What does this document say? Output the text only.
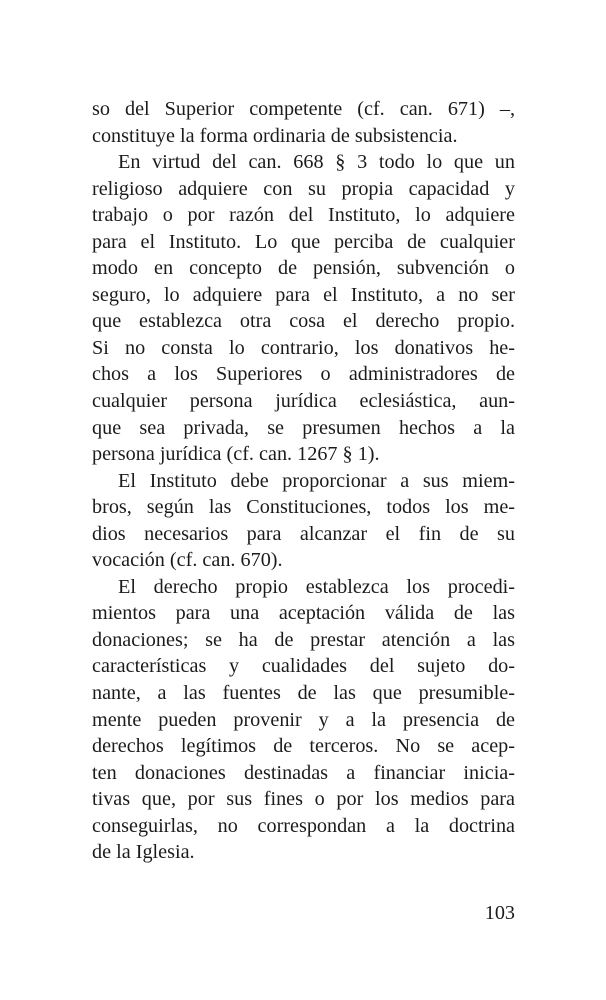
so del Superior competente (cf. can. 671) –,
constituye la forma ordinaria de subsistencia.
En virtud del can. 668 § 3 todo lo que un
religioso adquiere con su propia capacidad y
trabajo o por razón del Instituto, lo adquiere
para el Instituto. Lo que perciba de cualquier
modo en concepto de pensión, subvención o
seguro, lo adquiere para el Instituto, a no ser
que establezca otra cosa el derecho propio.
Si no consta lo contrario, los donativos he-
chos a los Superiores o administradores de
cualquier persona jurídica eclesiástica, aun-
que sea privada, se presumen hechos a la
persona jurídica (cf. can. 1267 § 1).
El Instituto debe proporcionar a sus miem-
bros, según las Constituciones, todos los me-
dios necesarios para alcanzar el fin de su
vocación (cf. can. 670).
El derecho propio establezca los procedi-
mientos para una aceptación válida de las
donaciones; se ha de prestar atención a las
características y cualidades del sujeto do-
nante, a las fuentes de las que presumible-
mente pueden provenir y a la presencia de
derechos legítimos de terceros. No se acep-
ten donaciones destinadas a financiar inicia-
tivas que, por sus fines o por los medios para
conseguirlas, no correspondan a la doctrina
de la Iglesia.
103
